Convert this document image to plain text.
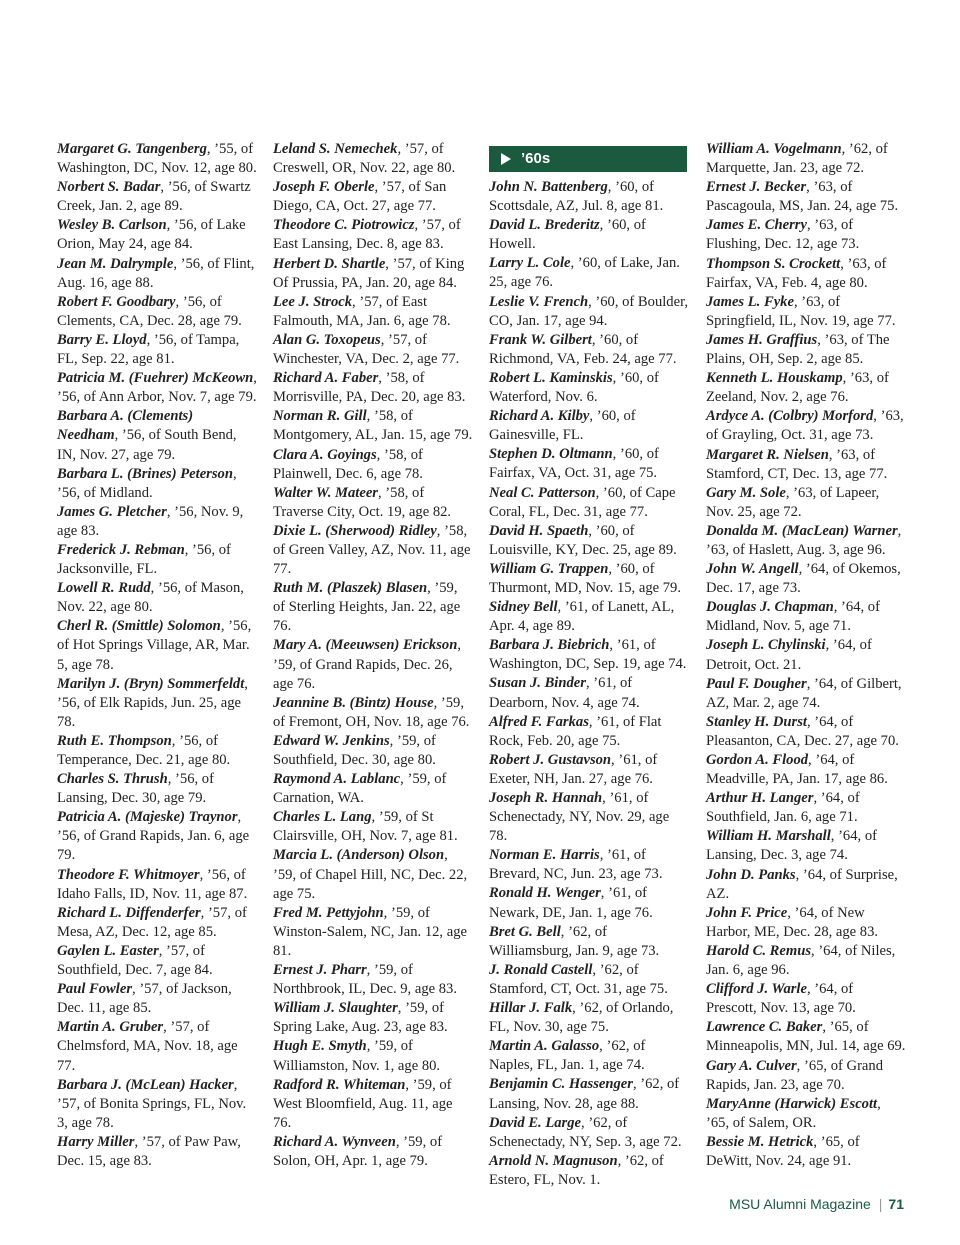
Margaret G. Tangenberg, ’55, of Washington, DC, Nov. 12, age 80.
Norbert S. Badar, ’56, of Swartz Creek, Jan. 2, age 89.
Wesley B. Carlson, ’56, of Lake Orion, May 24, age 84.
Jean M. Dalrymple, ’56, of Flint, Aug. 16, age 88.
Robert F. Goodbary, ’56, of Clements, CA, Dec. 28, age 79.
Barry E. Lloyd, ’56, of Tampa, FL, Sep. 22, age 81.
Patricia M. (Fuehrer) McKeown, ’56, of Ann Arbor, Nov. 7, age 79.
Barbara A. (Clements) Needham, ’56, of South Bend, IN, Nov. 27, age 79.
Barbara L. (Brines) Peterson, ’56, of Midland.
James G. Pletcher, ’56, Nov. 9, age 83.
Frederick J. Rebman, ’56, of Jacksonville, FL.
Lowell R. Rudd, ’56, of Mason, Nov. 22, age 80.
Cherl R. (Smittle) Solomon, ’56, of Hot Springs Village, AR, Mar. 5, age 78.
Marilyn J. (Bryn) Sommerfeldt, ’56, of Elk Rapids, Jun. 25, age 78.
Ruth E. Thompson, ’56, of Temperance, Dec. 21, age 80.
Charles S. Thrush, ’56, of Lansing, Dec. 30, age 79.
Patricia A. (Majeske) Traynor, ’56, of Grand Rapids, Jan. 6, age 79.
Theodore F. Whitmoyer, ’56, of Idaho Falls, ID, Nov. 11, age 87.
Richard L. Diffenderfer, ’57, of Mesa, AZ, Dec. 12, age 85.
Gaylen L. Easter, ’57, of Southfield, Dec. 7, age 84.
Paul Fowler, ’57, of Jackson, Dec. 11, age 85.
Martin A. Gruber, ’57, of Chelmsford, MA, Nov. 18, age 77.
Barbara J. (McLean) Hacker, ’57, of Bonita Springs, FL, Nov. 3, age 78.
Harry Miller, ’57, of Paw Paw, Dec. 15, age 83.
Leland S. Nemechek, ’57, of Creswell, OR, Nov. 22, age 80.
Joseph F. Oberle, ’57, of San Diego, CA, Oct. 27, age 77.
Theodore C. Piotrowicz, ’57, of East Lansing, Dec. 8, age 83.
Herbert D. Shartle, ’57, of King Of Prussia, PA, Jan. 20, age 84.
Lee J. Strock, ’57, of East Falmouth, MA, Jan. 6, age 78.
Alan G. Toxopeus, ’57, of Winchester, VA, Dec. 2, age 77.
Richard A. Faber, ’58, of Morrisville, PA, Dec. 20, age 83.
Norman R. Gill, ’58, of Montgomery, AL, Jan. 15, age 79.
Clara A. Goyings, ’58, of Plainwell, Dec. 6, age 78.
Walter W. Mateer, ’58, of Traverse City, Oct. 19, age 82.
Dixie L. (Sherwood) Ridley, ’58, of Green Valley, AZ, Nov. 11, age 77.
Ruth M. (Plaszek) Blasen, ’59, of Sterling Heights, Jan. 22, age 76.
Mary A. (Meeuwsen) Erickson, ’59, of Grand Rapids, Dec. 26, age 76.
Jeannine B. (Bintz) House, ’59, of Fremont, OH, Nov. 18, age 76.
Edward W. Jenkins, ’59, of Southfield, Dec. 30, age 80.
Raymond A. Lablanc, ’59, of Carnation, WA.
Charles L. Lang, ’59, of St Clairsville, OH, Nov. 7, age 81.
Marcia L. (Anderson) Olson, ’59, of Chapel Hill, NC, Dec. 22, age 75.
Fred M. Pettyjohn, ’59, of Winston-Salem, NC, Jan. 12, age 81.
Ernest J. Pharr, ’59, of Northbrook, IL, Dec. 9, age 83.
William J. Slaughter, ’59, of Spring Lake, Aug. 23, age 83.
Hugh E. Smyth, ’59, of Williamston, Nov. 1, age 80.
Radford R. Whiteman, ’59, of West Bloomfield, Aug. 11, age 76.
Richard A. Wynveen, ’59, of Solon, OH, Apr. 1, age 79.
’60s
John N. Battenberg, ’60, of Scottsdale, AZ, Jul. 8, age 81.
David L. Brederitz, ’60, of Howell.
Larry L. Cole, ’60, of Lake, Jan. 25, age 76.
Leslie V. French, ’60, of Boulder, CO, Jan. 17, age 94.
Frank W. Gilbert, ’60, of Richmond, VA, Feb. 24, age 77.
Robert L. Kaminskis, ’60, of Waterford, Nov. 6.
Richard A. Kilby, ’60, of Gainesville, FL.
Stephen D. Oltmann, ’60, of Fairfax, VA, Oct. 31, age 75.
Neal C. Patterson, ’60, of Cape Coral, FL, Dec. 31, age 77.
David H. Spaeth, ’60, of Louisville, KY, Dec. 25, age 89.
William G. Trappen, ’60, of Thurmont, MD, Nov. 15, age 79.
Sidney Bell, ’61, of Lanett, AL, Apr. 4, age 89.
Barbara J. Biebrich, ’61, of Washington, DC, Sep. 19, age 74.
Susan J. Binder, ’61, of Dearborn, Nov. 4, age 74.
Alfred F. Farkas, ’61, of Flat Rock, Feb. 20, age 75.
Robert J. Gustavson, ’61, of Exeter, NH, Jan. 27, age 76.
Joseph R. Hannah, ’61, of Schenectady, NY, Nov. 29, age 78.
Norman E. Harris, ’61, of Brevard, NC, Jun. 23, age 73.
Ronald H. Wenger, ’61, of Newark, DE, Jan. 1, age 76.
Bret G. Bell, ’62, of Williamsburg, Jan. 9, age 73.
J. Ronald Castell, ’62, of Stamford, CT, Oct. 31, age 75.
Hillar J. Falk, ’62, of Orlando, FL, Nov. 30, age 75.
Martin A. Galasso, ’62, of Naples, FL, Jan. 1, age 74.
Benjamin C. Hassenger, ’62, of Lansing, Nov. 28, age 88.
David E. Large, ’62, of Schenectady, NY, Sep. 3, age 72.
Arnold N. Magnuson, ’62, of Estero, FL, Nov. 1.
William A. Vogelmann, ’62, of Marquette, Jan. 23, age 72.
Ernest J. Becker, ’63, of Pascagoula, MS, Jan. 24, age 75.
James E. Cherry, ’63, of Flushing, Dec. 12, age 73.
Thompson S. Crockett, ’63, of Fairfax, VA, Feb. 4, age 80.
James L. Fyke, ’63, of Springfield, IL, Nov. 19, age 77.
James H. Graffius, ’63, of The Plains, OH, Sep. 2, age 85.
Kenneth L. Houskamp, ’63, of Zeeland, Nov. 2, age 76.
Ardyce A. (Colbry) Morford, ’63, of Grayling, Oct. 31, age 73.
Margaret R. Nielsen, ’63, of Stamford, CT, Dec. 13, age 77.
Gary M. Sole, ’63, of Lapeer, Nov. 25, age 72.
Donalda M. (MacLean) Warner, ’63, of Haslett, Aug. 3, age 96.
John W. Angell, ’64, of Okemos, Dec. 17, age 73.
Douglas J. Chapman, ’64, of Midland, Nov. 5, age 71.
Joseph L. Chylinski, ’64, of Detroit, Oct. 21.
Paul F. Dougher, ’64, of Gilbert, AZ, Mar. 2, age 74.
Stanley H. Durst, ’64, of Pleasanton, CA, Dec. 27, age 70.
Gordon A. Flood, ’64, of Meadville, PA, Jan. 17, age 86.
Arthur H. Langer, ’64, of Southfield, Jan. 6, age 71.
William H. Marshall, ’64, of Lansing, Dec. 3, age 74.
John D. Panks, ’64, of Surprise, AZ.
John F. Price, ’64, of New Harbor, ME, Dec. 28, age 83.
Harold C. Remus, ’64, of Niles, Jan. 6, age 96.
Clifford J. Warle, ’64, of Prescott, Nov. 13, age 70.
Lawrence C. Baker, ’65, of Minneapolis, MN, Jul. 14, age 69.
Gary A. Culver, ’65, of Grand Rapids, Jan. 23, age 70.
MaryAnne (Harwick) Escott, ’65, of Salem, OR.
Bessie M. Hetrick, ’65, of DeWitt, Nov. 24, age 91.
MSU Alumni Magazine | 71
